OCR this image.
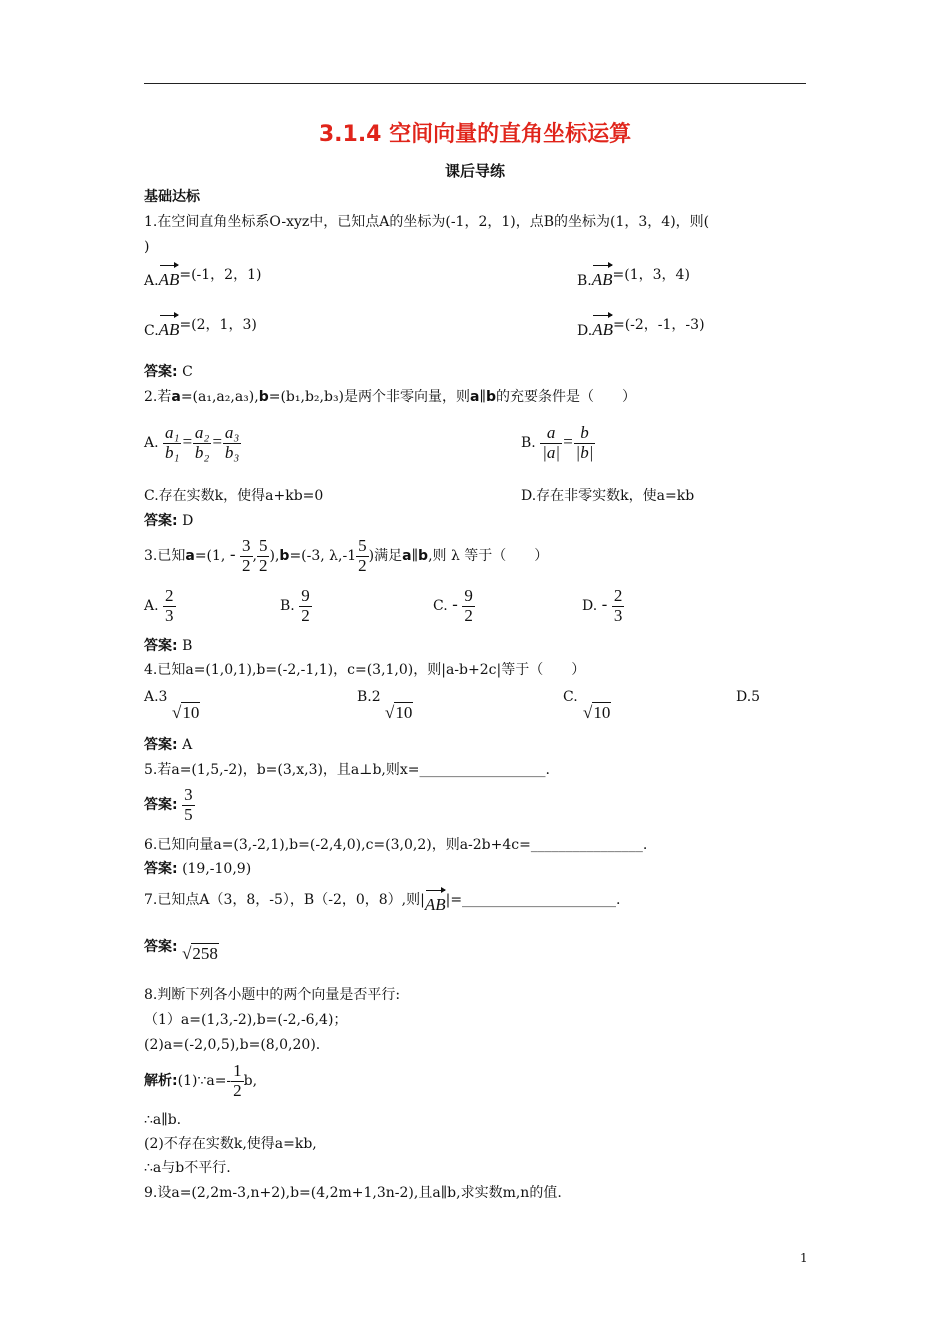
3.1.4 空间向量的直角坐标运算
课后导练
基础达标
1.在空间直角坐标系O-xyz中，已知点A的坐标为(-1，2，1)，点B的坐标为(1，3，4)，则(
)
A.AB=(-1，2，1)	B.AB=(1，3，4)
C.AB=(2，1，3)	D.AB=(-2，-1，-3)
答案: C
2.若a=(a₁,a₂,a₃),b=(b₁,b₂,b₃)是两个非零向量，则a∥b的充要条件是（　　）
A. $\frac{\text{a₁}}{\text{b₁}} = \frac{\text{a₂}}{\text{b₂}} = \frac{\text{a₃}}{\text{b₃}}$	B. $\frac{a}{|a|} = \frac{b}{|b|}$
C.存在实数k，使得a+kb=0	D.存在非零实数k，使a=kb
答案: D
3.已知a=(1, - $\frac{3}{2}$ , $\frac{5}{2} ),b=(-3$, $\lambda,-1 \frac{5}{2}$ )满足a∥b,则 λ 等于（　　）
A. $\frac{2}{3}$	B. $\frac{9}{2}$	C. - $\frac{9}{2}$	D. - $\frac{2}{3}$
答案: B
4.已知a=(1,0,1),b=(-2,-1,1)，c=(3,1,0)，则|a-b+2c|等于（　　）
A.3
√10
B.2
√10
C.
√10
D.5
答案: A
5.若a=(1,5,-2)，b=(3,x,3)，且a⊥b,则x=__________________.
答案: $\frac{3}{5}$
6.已知向量a=(3,-2,1),b=(-2,4,0),c=(3,0,2)，则a-2b+4c=________________.
答案: (19,-10,9)
7.已知点A（3，8，-5），B（-2，0，8）,则|AB|=______________________.
答案: √258
8.判断下列各小题中的两个向量是否平行:
（1）a=(1,3,-2),b=(-2,-6,4)；
(2)a=(-2,0,5),b=(8,0,20).
解析:(1)∵a=- $\frac{1}{2} b$,
∴a∥b.
(2)不存在实数k,使得a=kb,
∴a与b不平行.
9.设a=(2,2m-3,n+2),b=(4,2m+1,3n-2),且a∥b,求实数m,n的值.
1
